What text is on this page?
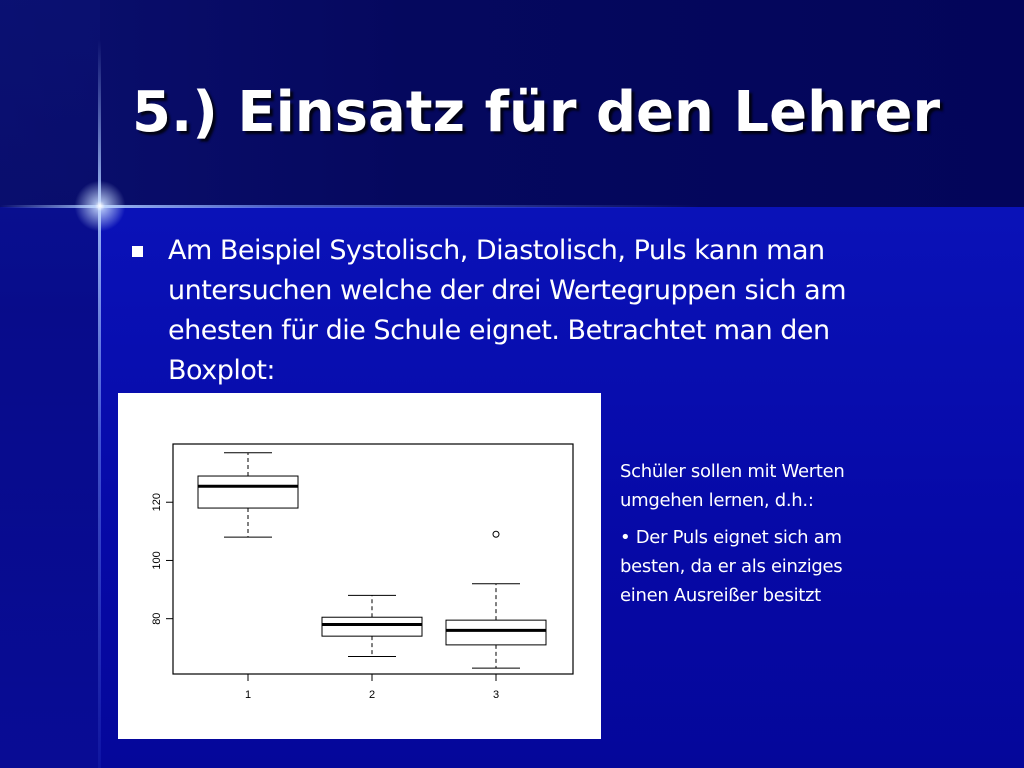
5.) Einsatz für den Lehrer
Am Beispiel Systolisch, Diastolisch, Puls kann man
untersuchen welche der drei Wertegruppen sich am
ehesten für die Schule eignet. Betrachtet man den
Boxplot:
80
100
120
1	2	3

Schüler sollen mit Werten
umgehen lernen, d.h.:

• Der Puls eignet sich am
besten, da er als einziges
einen Ausreißer besitzt
